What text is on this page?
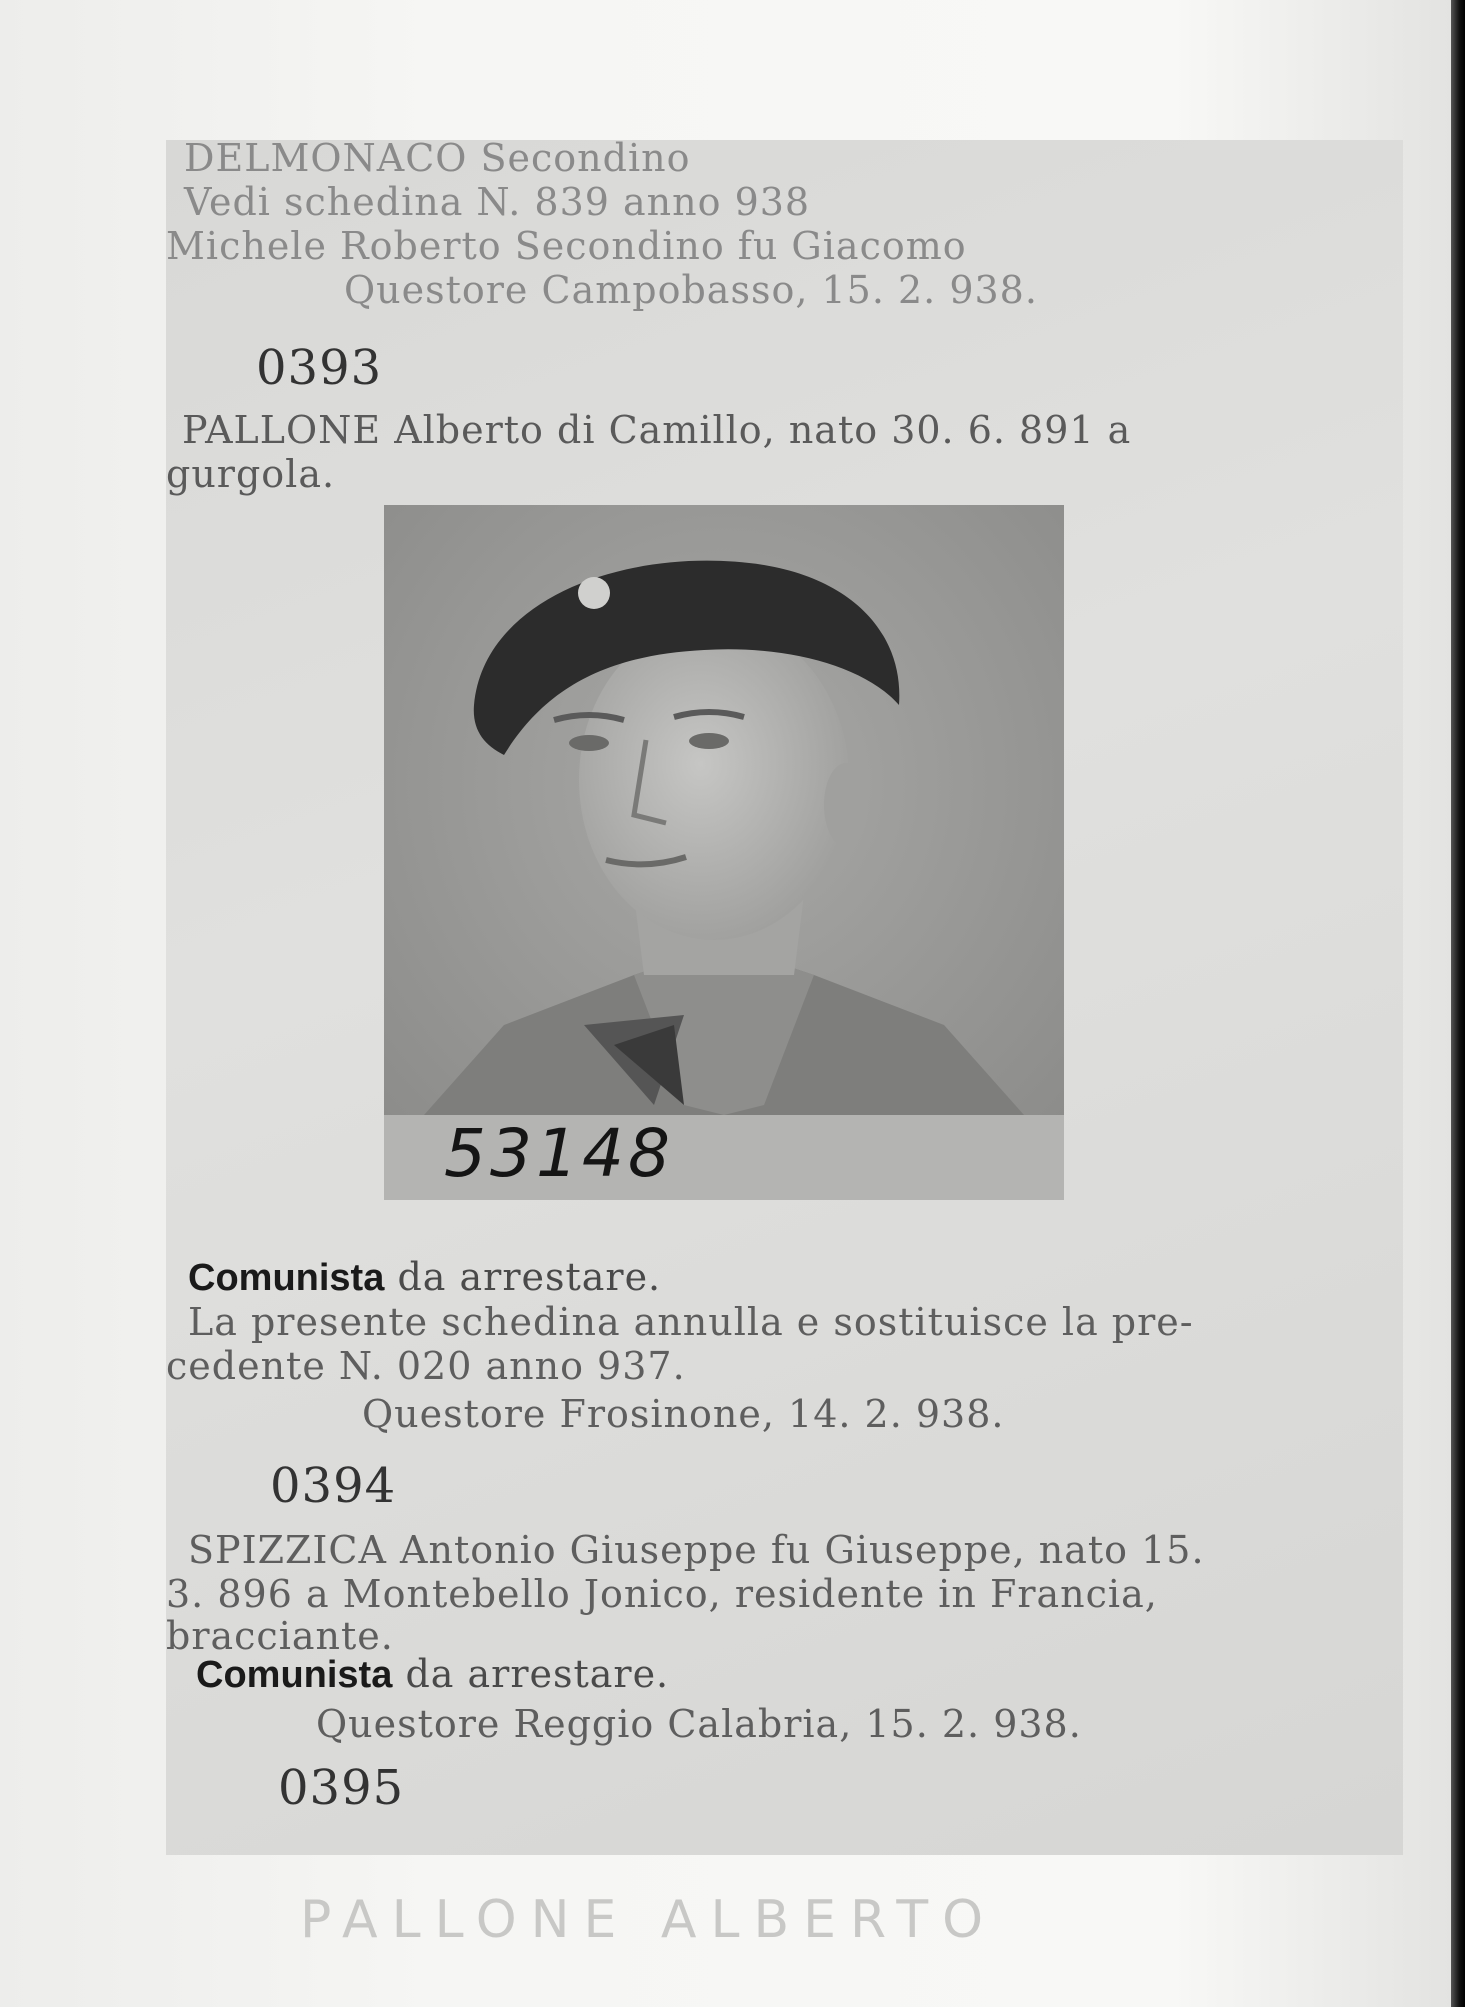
DELMONACO Secondino
Vedi schedina N. 839 anno 938
Michele Roberto Secondino fu Giacomo
Questore Campobasso, 15. 2. 938.
0393
PALLONE Alberto di Camillo, nato 30. 6. 891 a
gurgola.
53148
Comunista da arrestare.
La presente schedina annulla e sostituisce la pre-
cedente N. 020 anno 937.
Questore Frosinone, 14. 2. 938.
0394
SPIZZICA Antonio Giuseppe fu Giuseppe, nato 15.
3. 896 a Montebello Jonico, residente in Francia,
bracciante.
Comunista da arrestare.
Questore Reggio Calabria, 15. 2. 938.
0395
PALLONE ALBERTO
